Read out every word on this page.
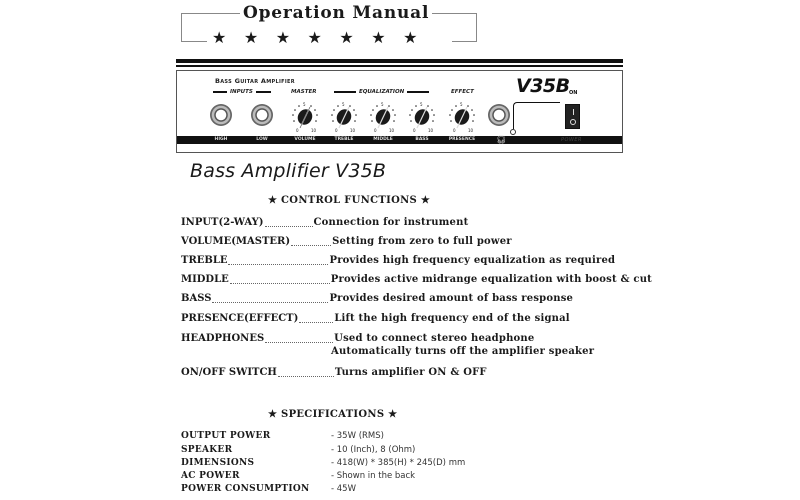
Operation Manual
★ ★ ★ ★ ★ ★ ★
Bass Guitar Amplifier
INPUTS	MASTER	EQUALIZATION	EFFECT
HIGH	LOW
5
0	10
5
0	10
5
0	10
5
0	10
5
0	10
VOLUME	TREBLE	MIDDLE	BASS	PRESENCE	🎧︎
V35B ON
POWER
Bass Amplifier V35B
★ CONTROL FUNCTIONS ★
INPUT(2-WAY)	Connection for instrument
VOLUME(MASTER)	Setting from zero to full power
TREBLE	Provides high frequency equalization as required
MIDDLE	Provides active midrange equalization with boost & cut
BASS	Provides desired amount of bass response
PRESENCE(EFFECT)	Lift the high frequency end of the signal
HEADPHONES	Used to connect stereo headphone
Automatically turns off the amplifier speaker
ON/OFF SWITCH	Turns amplifier ON & OFF
★ SPECIFICATIONS ★
OUTPUT POWER	- 35W (RMS)
SPEAKER	- 10 (Inch), 8 (Ohm)
DIMENSIONS	- 418(W) * 385(H) * 245(D) mm
AC POWER	- Shown in the back
POWER CONSUMPTION	- 45W
